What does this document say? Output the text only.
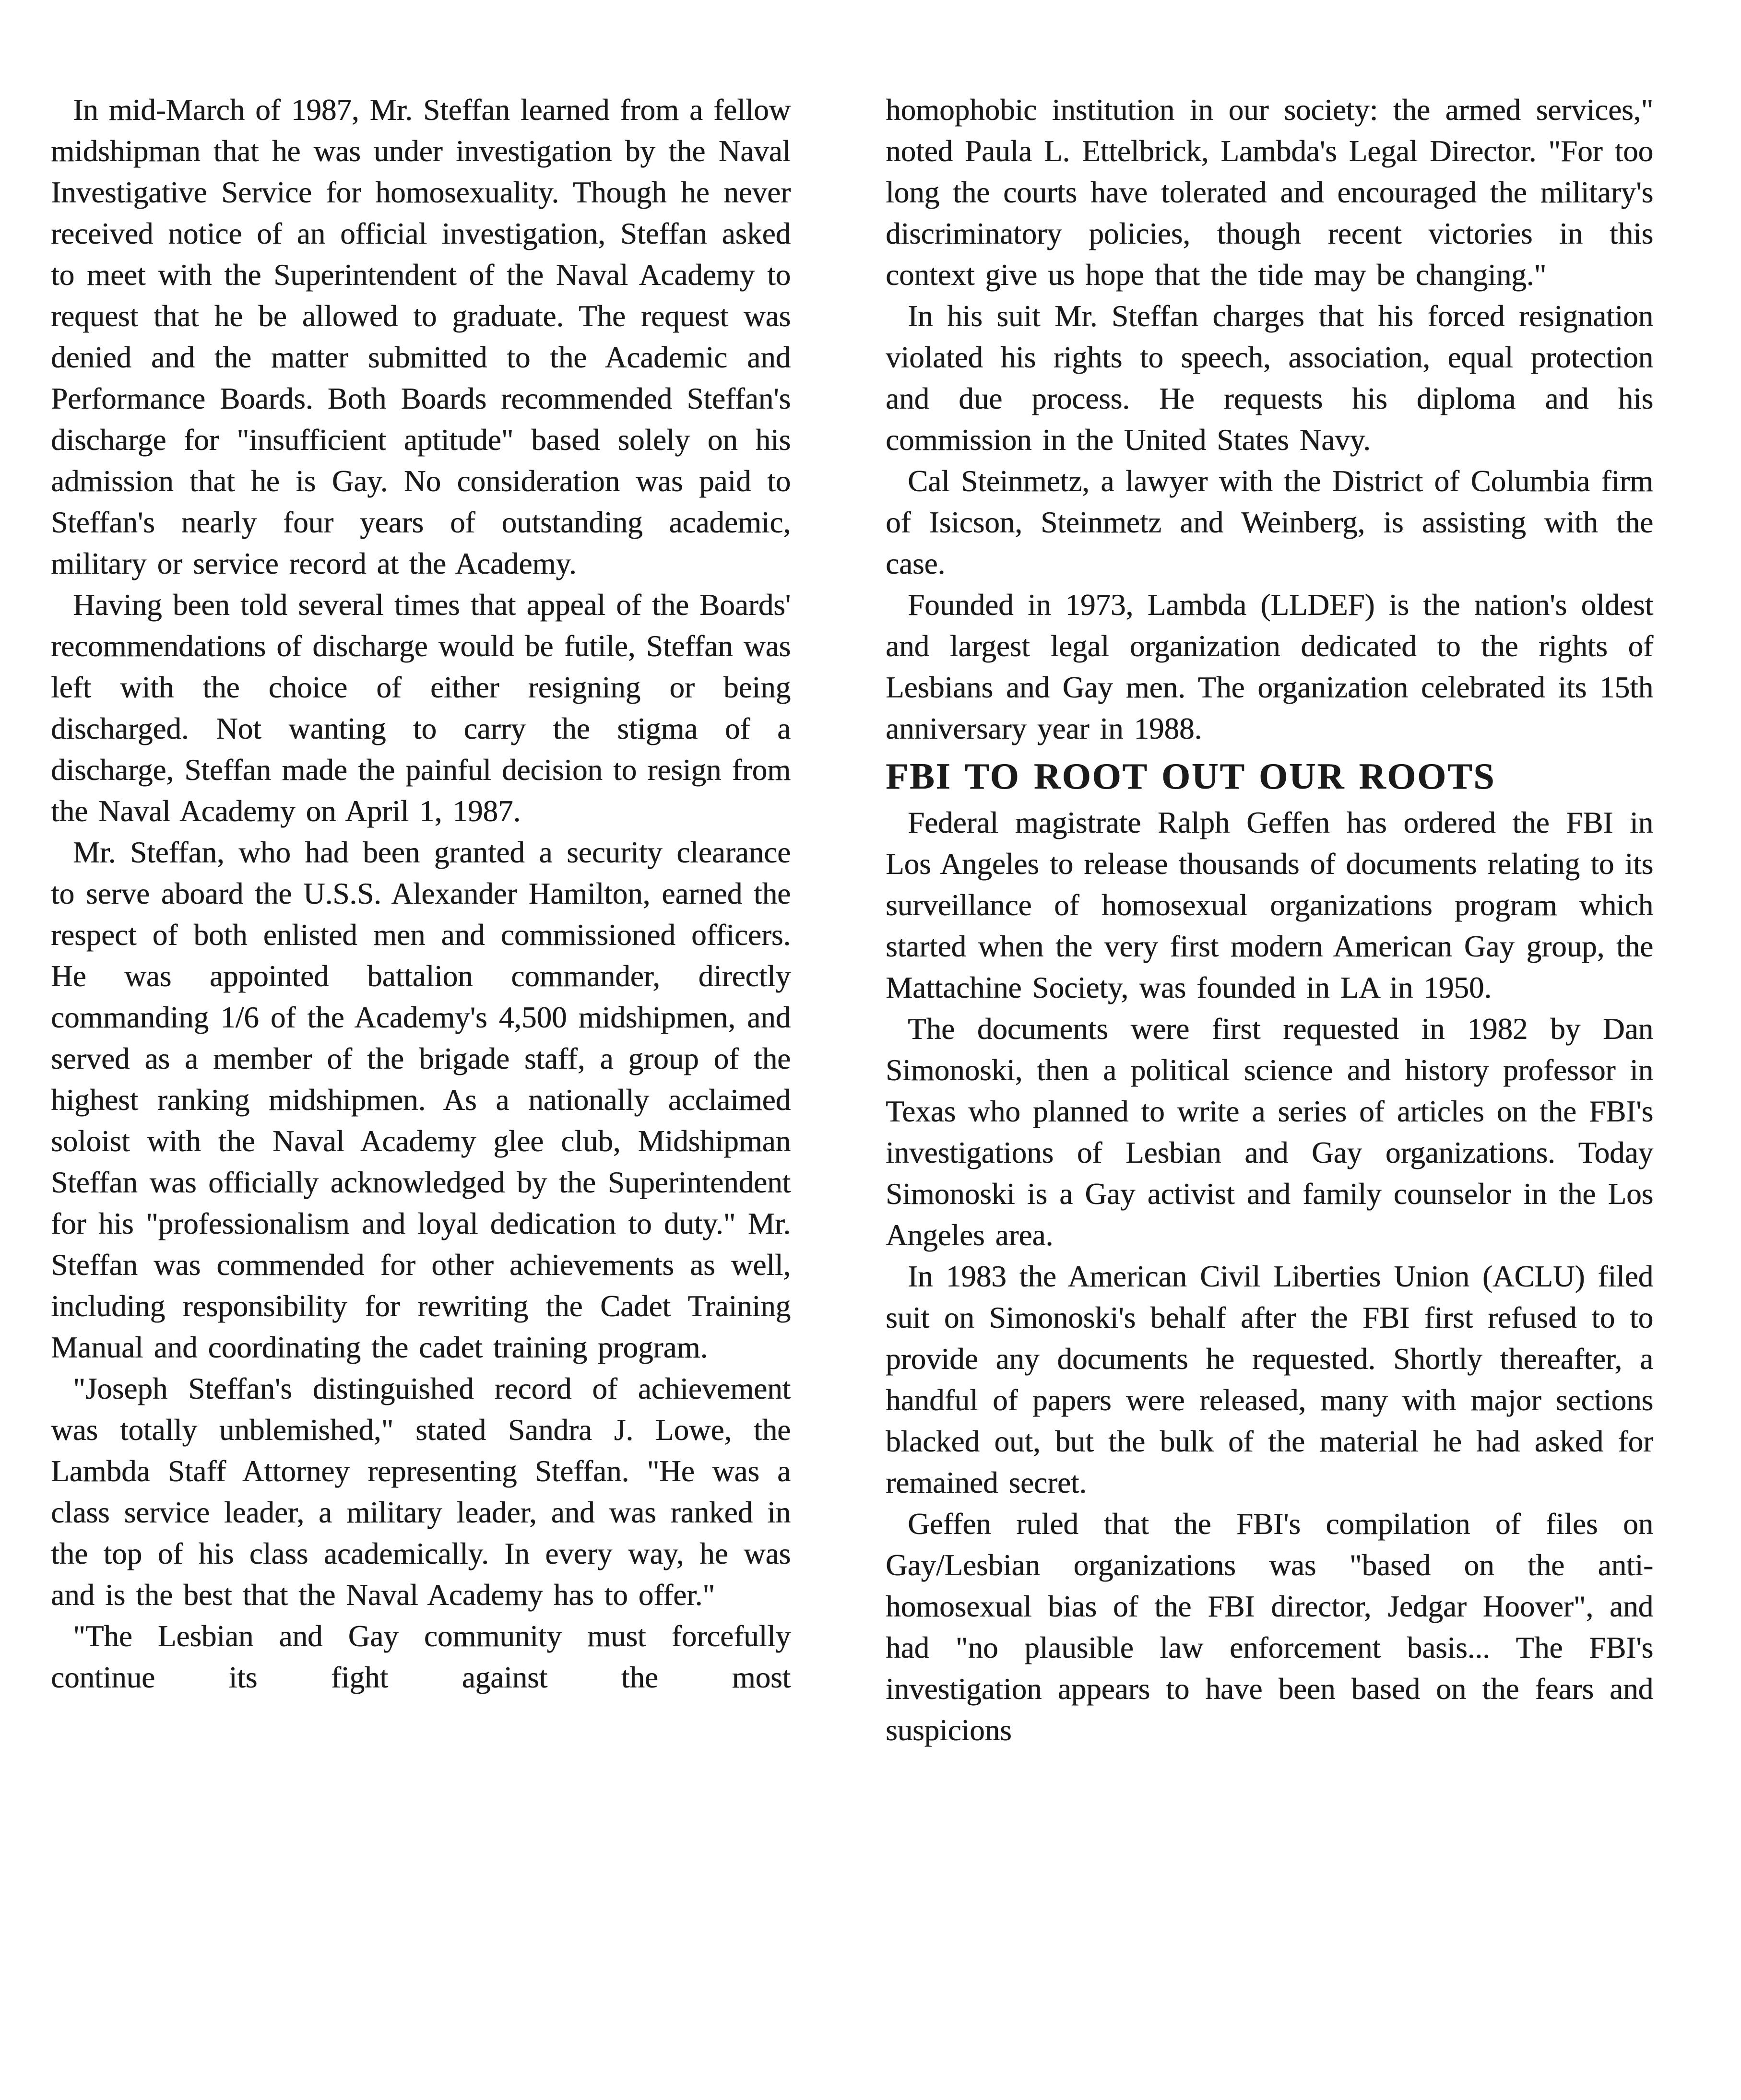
In mid-March of 1987, Mr. Steffan learned from a fellow midshipman that he was under investigation by the Naval Investigative Service for homosexuality. Though he never received notice of an official investigation, Steffan asked to meet with the Superintendent of the Naval Academy to request that he be allowed to graduate. The request was denied and the matter submitted to the Academic and Performance Boards. Both Boards recommended Steffan's discharge for "insufficient aptitude" based solely on his admission that he is Gay. No consideration was paid to Steffan's nearly four years of outstanding academic, military or service record at the Academy.

Having been told several times that appeal of the Boards' recommendations of discharge would be futile, Steffan was left with the choice of either resigning or being discharged. Not wanting to carry the stigma of a discharge, Steffan made the painful decision to resign from the Naval Academy on April 1, 1987.

Mr. Steffan, who had been granted a security clearance to serve aboard the U.S.S. Alexander Hamilton, earned the respect of both enlisted men and commissioned officers. He was appointed battalion commander, directly commanding 1/6 of the Academy's 4,500 midshipmen, and served as a member of the brigade staff, a group of the highest ranking midshipmen. As a nationally acclaimed soloist with the Naval Academy glee club, Midshipman Steffan was officially acknowledged by the Superintendent for his "professionalism and loyal dedication to duty." Mr. Steffan was commended for other achievements as well, including responsibility for rewriting the Cadet Training Manual and coordinating the cadet training program.

"Joseph Steffan's distinguished record of achievement was totally unblemished," stated Sandra J. Lowe, the Lambda Staff Attorney representing Steffan. "He was a class service leader, a military leader, and was ranked in the top of his class academically. In every way, he was and is the best that the Naval Academy has to offer."

"The Lesbian and Gay community must forcefully continue its fight against the most

homophobic institution in our society: the armed services," noted Paula L. Ettelbrick, Lambda's Legal Director. "For too long the courts have tolerated and encouraged the military's discriminatory policies, though recent victories in this context give us hope that the tide may be changing."

In his suit Mr. Steffan charges that his forced resignation violated his rights to speech, association, equal protection and due process. He requests his diploma and his commission in the United States Navy.

Cal Steinmetz, a lawyer with the District of Columbia firm of Isicson, Steinmetz and Weinberg, is assisting with the case.

Founded in 1973, Lambda (LLDEF) is the nation's oldest and largest legal organization dedicated to the rights of Lesbians and Gay men. The organization celebrated its 15th anniversary year in 1988.

FBI TO ROOT OUT OUR ROOTS

Federal magistrate Ralph Geffen has ordered the FBI in Los Angeles to release thousands of documents relating to its surveillance of homosexual organizations program which started when the very first modern American Gay group, the Mattachine Society, was founded in LA in 1950.

The documents were first requested in 1982 by Dan Simonoski, then a political science and history professor in Texas who planned to write a series of articles on the FBI's investigations of Lesbian and Gay organizations. Today Simonoski is a Gay activist and family counselor in the Los Angeles area.

In 1983 the American Civil Liberties Union (ACLU) filed suit on Simonoski's behalf after the FBI first refused to to provide any documents he requested. Shortly thereafter, a handful of papers were released, many with major sections blacked out, but the bulk of the material he had asked for remained secret.

Geffen ruled that the FBI's compilation of files on Gay/Lesbian organizations was "based on the anti-homosexual bias of the FBI director, Jedgar Hoover", and had "no plausible law enforcement basis... The FBI's investigation appears to have been based on the fears and suspicions
